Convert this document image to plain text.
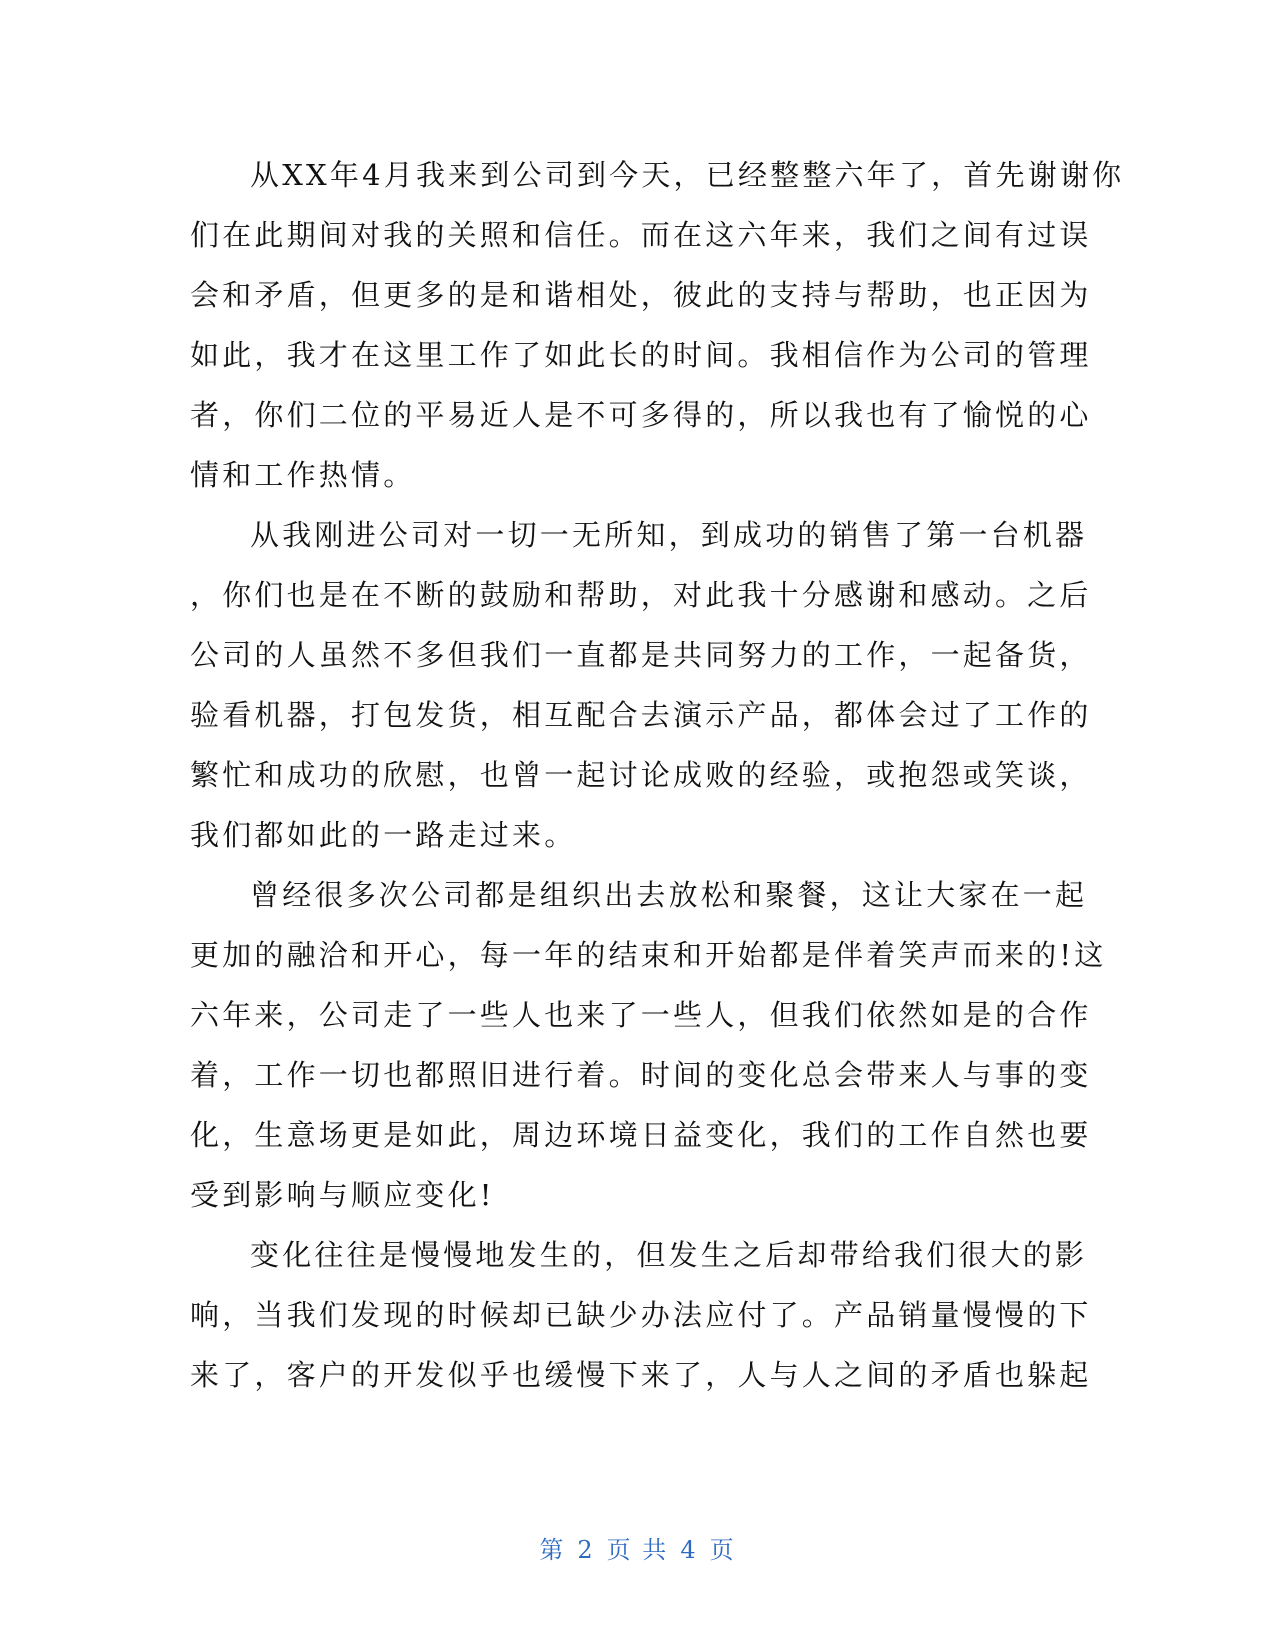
从XX年4月我来到公司到今天，已经整整六年了，首先谢谢你
们在此期间对我的关照和信任。而在这六年来，我们之间有过误
会和矛盾，但更多的是和谐相处，彼此的支持与帮助，也正因为
如此，我才在这里工作了如此长的时间。我相信作为公司的管理
者，你们二位的平易近人是不可多得的，所以我也有了愉悦的心
情和工作热情。
从我刚进公司对一切一无所知，到成功的销售了第一台机器
，你们也是在不断的鼓励和帮助，对此我十分感谢和感动。之后
公司的人虽然不多但我们一直都是共同努力的工作，一起备货，
验看机器，打包发货，相互配合去演示产品，都体会过了工作的
繁忙和成功的欣慰，也曾一起讨论成败的经验，或抱怨或笑谈，
我们都如此的一路走过来。
曾经很多次公司都是组织出去放松和聚餐，这让大家在一起
更加的融洽和开心，每一年的结束和开始都是伴着笑声而来的!这
六年来，公司走了一些人也来了一些人，但我们依然如是的合作
着，工作一切也都照旧进行着。时间的变化总会带来人与事的变
化，生意场更是如此，周边环境日益变化，我们的工作自然也要
受到影响与顺应变化!
变化往往是慢慢地发生的，但发生之后却带给我们很大的影
响，当我们发现的时候却已缺少办法应付了。产品销量慢慢的下
来了，客户的开发似乎也缓慢下来了，人与人之间的矛盾也躲起
第 2 页 共 4 页
